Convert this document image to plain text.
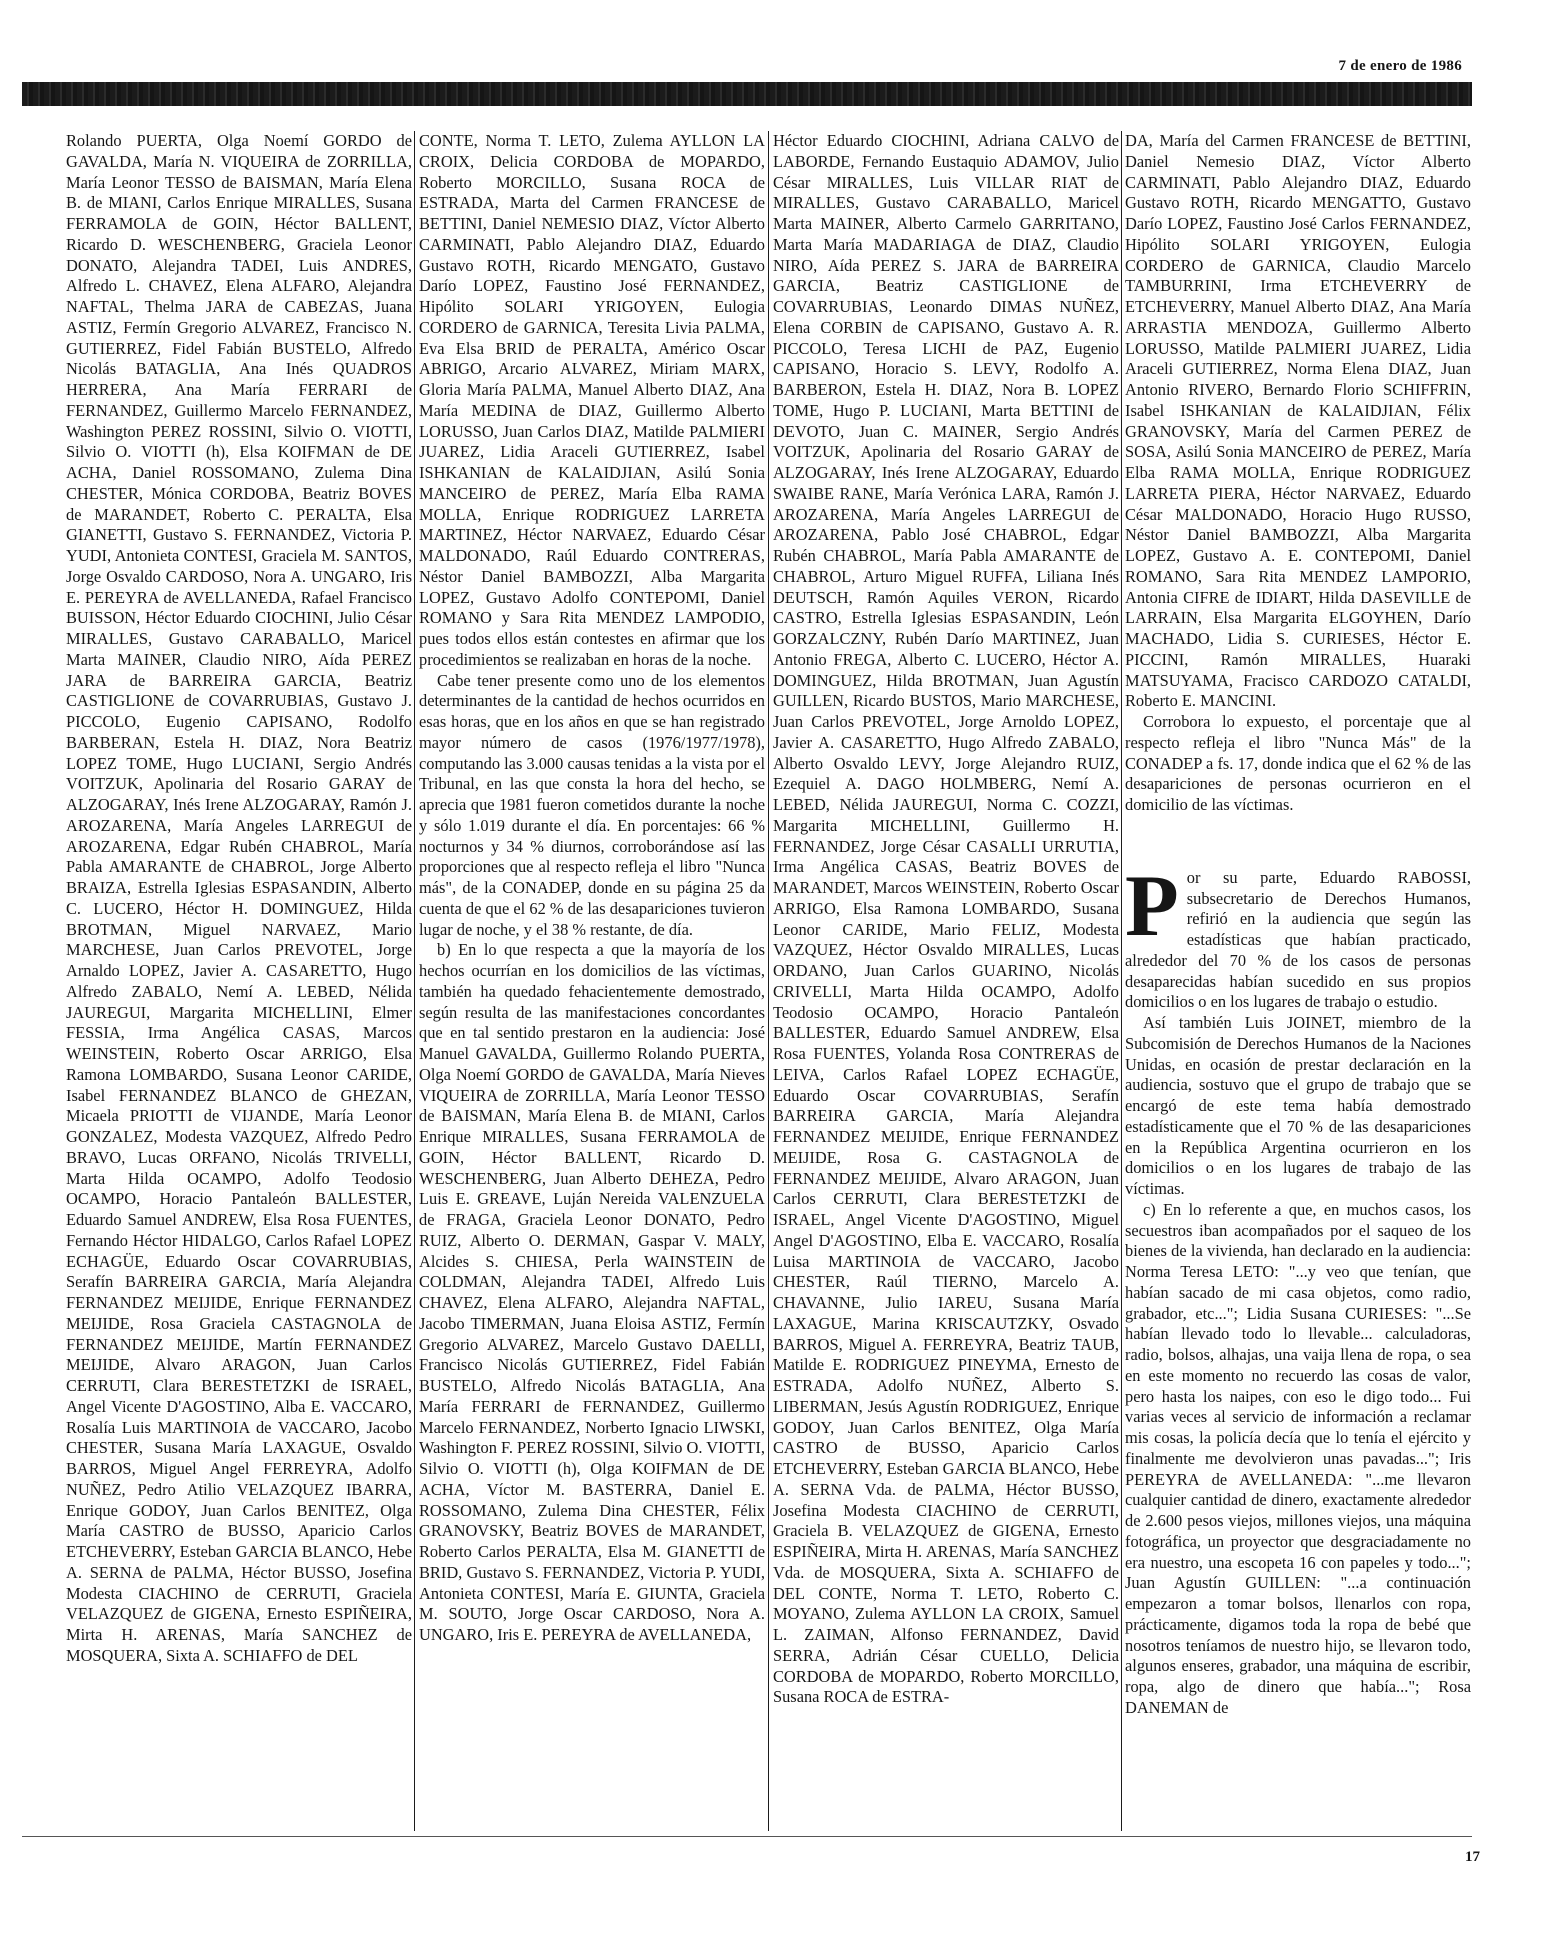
7 de enero de 1986

Rolando PUERTA, Olga Noemí GORDO de GAVALDA, María N. VIQUEIRA de ZORRILLA, María Leonor TESSO de BAISMAN, María Elena B. de MIANI, Carlos Enrique MIRALLES, Susana FERRAMOLA de GOIN, Héctor BALLENT, Ricardo D. WESCHENBERG, Graciela Leonor DONATO, Alejandra TADEI, Luis ANDRES, Alfredo L. CHAVEZ, Elena ALFARO, Alejandra NAFTAL, Thelma JARA de CABEZAS, Juana ASTIZ, Fermín Gregorio ALVAREZ, Francisco N. GUTIERREZ, Fidel Fabián BUSTELO, Alfredo Nicolás BATAGLIA, Ana Inés QUADROS HERRERA, Ana María FERRARI de FERNANDEZ, Guillermo Marcelo FERNANDEZ, Washington PEREZ ROSSINI, Silvio O. VIOTTI, Silvio O. VIOTTI (h), Elsa KOIFMAN de DE ACHA, Daniel ROSSOMANO, Zulema Dina CHESTER, Mónica CORDOBA, Beatriz BOVES de MARANDET, Roberto C. PERALTA, Elsa GIANETTI, Gustavo S. FERNANDEZ, Victoria P. YUDI, Antonieta CONTESI, Graciela M. SANTOS, Jorge Osvaldo CARDOSO, Nora A. UNGARO, Iris E. PEREYRA de AVELLANEDA, Rafael Francisco BUISSON, Héctor Eduardo CIOCHINI, Julio César MIRALLES, Gustavo CARABALLO, Maricel Marta MAINER, Claudio NIRO, Aída PEREZ JARA de BARREIRA GARCIA, Beatriz CASTIGLIONE de COVARRUBIAS, Gustavo J. PICCOLO, Eugenio CAPISANO, Rodolfo BARBERAN, Estela H. DIAZ, Nora Beatriz LOPEZ TOME, Hugo LUCIANI, Sergio Andrés VOITZUK, Apolinaria del Rosario GARAY de ALZOGARAY, Inés Irene ALZOGARAY, Ramón J. AROZARENA, María Angeles LARREGUI de AROZARENA, Edgar Rubén CHABROL, María Pabla AMARANTE de CHABROL, Jorge Alberto BRAIZA, Estrella Iglesias ESPASANDIN, Alberto C. LUCERO, Héctor H. DOMINGUEZ, Hilda BROTMAN, Miguel NARVAEZ, Mario MARCHESE, Juan Carlos PREVOTEL, Jorge Arnaldo LOPEZ, Javier A. CASARETTO, Hugo Alfredo ZABALO, Nemí A. LEBED, Nélida JAUREGUI, Margarita MICHELLINI, Elmer FESSIA, Irma Angélica CASAS, Marcos WEINSTEIN, Roberto Oscar ARRIGO, Elsa Ramona LOMBARDO, Susana Leonor CARIDE, Isabel FERNANDEZ BLANCO de GHEZAN, Micaela PRIOTTI de VIJANDE, María Leonor GONZALEZ, Modesta VAZQUEZ, Alfredo Pedro BRAVO, Lucas ORFANO, Nicolás TRIVELLI, Marta Hilda OCAMPO, Adolfo Teodosio OCAMPO, Horacio Pantaleón BALLESTER, Eduardo Samuel ANDREW, Elsa Rosa FUENTES, Fernando Héctor HIDALGO, Carlos Rafael LOPEZ ECHAGÜE, Eduardo Oscar COVARRUBIAS, Serafín BARREIRA GARCIA, María Alejandra FERNANDEZ MEIJIDE, Enrique FERNANDEZ MEIJIDE, Rosa Graciela CASTAGNOLA de FERNANDEZ MEIJIDE, Martín FERNANDEZ MEIJIDE, Alvaro ARAGON, Juan Carlos CERRUTI, Clara BERESTETZKI de ISRAEL, Angel Vicente D'AGOSTINO, Alba E. VACCARO, Rosalía Luis MARTINOIA de VACCARO, Jacobo CHESTER, Susana María LAXAGUE, Osvaldo BARROS, Miguel Angel FERREYRA, Adolfo NUÑEZ, Pedro Atilio VELAZQUEZ IBARRA, Enrique GODOY, Juan Carlos BENITEZ, Olga María CASTRO de BUSSO, Aparicio Carlos ETCHEVERRY, Esteban GARCIA BLANCO, Hebe A. SERNA de PALMA, Héctor BUSSO, Josefina Modesta CIACHINO de CERRUTI, Graciela VELAZQUEZ de GIGENA, Ernesto ESPIÑEIRA, Mirta H. ARENAS, María SANCHEZ de MOSQUERA, Sixta A. SCHIAFFO de DEL

CONTE, Norma T. LETO, Zulema AYLLON LA CROIX, Delicia CORDOBA de MOPARDO, Roberto MORCILLO, Susana ROCA de ESTRADA, Marta del Carmen FRANCESE de BETTINI, Daniel NEMESIO DIAZ, Víctor Alberto CARMINATI, Pablo Alejandro DIAZ, Eduardo Gustavo ROTH, Ricardo MENGATO, Gustavo Darío LOPEZ, Faustino José FERNANDEZ, Hipólito SOLARI YRIGOYEN, Eulogia CORDERO de GARNICA, Teresita Livia PALMA, Eva Elsa BRID de PERALTA, Américo Oscar ABRIGO, Arcario ALVAREZ, Miriam MARX, Gloria María PALMA, Manuel Alberto DIAZ, Ana María MEDINA de DIAZ, Guillermo Alberto LORUSSO, Juan Carlos DIAZ, Matilde PALMIERI JUAREZ, Lidia Araceli GUTIERREZ, Isabel ISHKANIAN de KALAIDJIAN, Asilú Sonia MANCEIRO de PEREZ, María Elba RAMA MOLLA, Enrique RODRIGUEZ LARRETA MARTINEZ, Héctor NARVAEZ, Eduardo César MALDONADO, Raúl Eduardo CONTRERAS, Néstor Daniel BAMBOZZI, Alba Margarita LOPEZ, Gustavo Adolfo CONTEPOMI, Daniel ROMANO y Sara Rita MENDEZ LAMPODIO, pues todos ellos están contestes en afirmar que los procedimientos se realizaban en horas de la noche.

Cabe tener presente como uno de los elementos determinantes de la cantidad de hechos ocurridos en esas horas, que en los años en que se han registrado mayor número de casos (1976/1977/1978), computando las 3.000 causas tenidas a la vista por el Tribunal, en las que consta la hora del hecho, se aprecia que 1981 fueron cometidos durante la noche y sólo 1.019 durante el día. En porcentajes: 66 % nocturnos y 34 % diurnos, corroborándose así las proporciones que al respecto refleja el libro "Nunca más", de la CONADEP, donde en su página 25 da cuenta de que el 62 % de las desapariciones tuvieron lugar de noche, y el 38 % restante, de día.

b) En lo que respecta a que la mayoría de los hechos ocurrían en los domicilios de las víctimas, también ha quedado fehacientemente demostrado, según resulta de las manifestaciones concordantes que en tal sentido prestaron en la audiencia: José Manuel GAVALDA, Guillermo Rolando PUERTA, Olga Noemí GORDO de GAVALDA, María Nieves VIQUEIRA de ZORRILLA, María Leonor TESSO de BAISMAN, María Elena B. de MIANI, Carlos Enrique MIRALLES, Susana FERRAMOLA de GOIN, Héctor BALLENT, Ricardo D. WESCHENBERG, Juan Alberto DEHEZA, Pedro Luis E. GREAVE, Luján Nereida VALENZUELA de FRAGA, Graciela Leonor DONATO, Pedro RUIZ, Alberto O. DERMAN, Gaspar V. MALY, Alcides S. CHIESA, Perla WAINSTEIN de COLDMAN, Alejandra TADEI, Alfredo Luis CHAVEZ, Elena ALFARO, Alejandra NAFTAL, Jacobo TIMERMAN, Juana Eloisa ASTIZ, Fermín Gregorio ALVAREZ, Marcelo Gustavo DAELLI, Francisco Nicolás GUTIERREZ, Fidel Fabián BUSTELO, Alfredo Nicolás BATAGLIA, Ana María FERRARI de FERNANDEZ, Guillermo Marcelo FERNANDEZ, Norberto Ignacio LIWSKI, Washington F. PEREZ ROSSINI, Silvio O. VIOTTI, Silvio O. VIOTTI (h), Olga KOIFMAN de DE ACHA, Víctor M. BASTERRA, Daniel E. ROSSOMANO, Zulema Dina CHESTER, Félix GRANOVSKY, Beatriz BOVES de MARANDET, Roberto Carlos PERALTA, Elsa M. GIANETTI de BRID, Gustavo S. FERNANDEZ, Victoria P. YUDI, Antonieta CONTESI, María E. GIUNTA, Graciela M. SOUTO, Jorge Oscar CARDOSO, Nora A. UNGARO, Iris E. PEREYRA de AVELLANEDA,

Héctor Eduardo CIOCHINI, Adriana CALVO de LABORDE, Fernando Eustaquio ADAMOV, Julio César MIRALLES, Luis VILLAR RIAT de MIRALLES, Gustavo CARABALLO, Maricel Marta MAINER, Alberto Carmelo GARRITANO, Marta María MADARIAGA de DIAZ, Claudio NIRO, Aída PEREZ S. JARA de BARREIRA GARCIA, Beatriz CASTIGLIONE de COVARRUBIAS, Leonardo DIMAS NUÑEZ, Elena CORBIN de CAPISANO, Gustavo A. R. PICCOLO, Teresa LICHI de PAZ, Eugenio CAPISANO, Horacio S. LEVY, Rodolfo A. BARBERON, Estela H. DIAZ, Nora B. LOPEZ TOME, Hugo P. LUCIANI, Marta BETTINI de DEVOTO, Juan C. MAINER, Sergio Andrés VOITZUK, Apolinaria del Rosario GARAY de ALZOGARAY, Inés Irene ALZOGARAY, Eduardo SWAIBE RANE, María Verónica LARA, Ramón J. AROZARENA, María Angeles LARREGUI de AROZARENA, Pablo José CHABROL, Edgar Rubén CHABROL, María Pabla AMARANTE de CHABROL, Arturo Miguel RUFFA, Liliana Inés DEUTSCH, Ramón Aquiles VERON, Ricardo CASTRO, Estrella Iglesias ESPASANDIN, León GORZALCZNY, Rubén Darío MARTINEZ, Juan Antonio FREGA, Alberto C. LUCERO, Héctor A. DOMINGUEZ, Hilda BROTMAN, Juan Agustín GUILLEN, Ricardo BUSTOS, Mario MARCHESE, Juan Carlos PREVOTEL, Jorge Arnoldo LOPEZ, Javier A. CASARETTO, Hugo Alfredo ZABALO, Alberto Osvaldo LEVY, Jorge Alejandro RUIZ, Ezequiel A. DAGO HOLMBERG, Nemí A. LEBED, Nélida JAUREGUI, Norma C. COZZI, Margarita MICHELLINI, Guillermo H. FERNANDEZ, Jorge César CASALLI URRUTIA, Irma Angélica CASAS, Beatriz BOVES de MARANDET, Marcos WEINSTEIN, Roberto Oscar ARRIGO, Elsa Ramona LOMBARDO, Susana Leonor CARIDE, Mario FELIZ, Modesta VAZQUEZ, Héctor Osvaldo MIRALLES, Lucas ORDANO, Juan Carlos GUARINO, Nicolás CRIVELLI, Marta Hilda OCAMPO, Adolfo Teodosio OCAMPO, Horacio Pantaleón BALLESTER, Eduardo Samuel ANDREW, Elsa Rosa FUENTES, Yolanda Rosa CONTRERAS de LEIVA, Carlos Rafael LOPEZ ECHAGÜE, Eduardo Oscar COVARRUBIAS, Serafín BARREIRA GARCIA, María Alejandra FERNANDEZ MEIJIDE, Enrique FERNANDEZ MEIJIDE, Rosa G. CASTAGNOLA de FERNANDEZ MEIJIDE, Alvaro ARAGON, Juan Carlos CERRUTI, Clara BERESTETZKI de ISRAEL, Angel Vicente D'AGOSTINO, Miguel Angel D'AGOSTINO, Elba E. VACCARO, Rosalía Luisa MARTINOIA de VACCARO, Jacobo CHESTER, Raúl TIERNO, Marcelo A. CHAVANNE, Julio IAREU, Susana María LAXAGUE, Marina KRISCAUTZKY, Osvado BARROS, Miguel A. FERREYRA, Beatriz TAUB, Matilde E. RODRIGUEZ PINEYMA, Ernesto de ESTRADA, Adolfo NUÑEZ, Alberto S. LIBERMAN, Jesús Agustín RODRIGUEZ, Enrique GODOY, Juan Carlos BENITEZ, Olga María CASTRO de BUSSO, Aparicio Carlos ETCHEVERRY, Esteban GARCIA BLANCO, Hebe A. SERNA Vda. de PALMA, Héctor BUSSO, Josefina Modesta CIACHINO de CERRUTI, Graciela B. VELAZQUEZ de GIGENA, Ernesto ESPIÑEIRA, Mirta H. ARENAS, María SANCHEZ Vda. de MOSQUERA, Sixta A. SCHIAFFO de DEL CONTE, Norma T. LETO, Roberto C. MOYANO, Zulema AYLLON LA CROIX, Samuel L. ZAIMAN, Alfonso FERNANDEZ, David SERRA, Adrián César CUELLO, Delicia CORDOBA de MOPARDO, Roberto MORCILLO, Susana ROCA de ESTRA-

DA, María del Carmen FRANCESE de BETTINI, Daniel Nemesio DIAZ, Víctor Alberto CARMINATI, Pablo Alejandro DIAZ, Eduardo Gustavo ROTH, Ricardo MENGATTO, Gustavo Darío LOPEZ, Faustino José Carlos FERNANDEZ, Hipólito SOLARI YRIGOYEN, Eulogia CORDERO de GARNICA, Claudio Marcelo TAMBURRINI, Irma ETCHEVERRY de ETCHEVERRY, Manuel Alberto DIAZ, Ana María ARRASTIA MENDOZA, Guillermo Alberto LORUSSO, Matilde PALMIERI JUAREZ, Lidia Araceli GUTIERREZ, Norma Elena DIAZ, Juan Antonio RIVERO, Bernardo Florio SCHIFFRIN, Isabel ISHKANIAN de KALAIDJIAN, Félix GRANOVSKY, María del Carmen PEREZ de SOSA, Asilú Sonia MANCEIRO de PEREZ, María Elba RAMA MOLLA, Enrique RODRIGUEZ LARRETA PIERA, Héctor NARVAEZ, Eduardo César MALDONADO, Horacio Hugo RUSSO, Néstor Daniel BAMBOZZI, Alba Margarita LOPEZ, Gustavo A. E. CONTEPOMI, Daniel ROMANO, Sara Rita MENDEZ LAMPORIO, Antonia CIFRE de IDIART, Hilda DASEVILLE de LARRAIN, Elsa Margarita ELGOYHEN, Darío MACHADO, Lidia S. CURIESES, Héctor E. PICCINI, Ramón MIRALLES, Huaraki MATSUYAMA, Fracisco CARDOZO CATALDI, Roberto E. MANCINI.

Corrobora lo expuesto, el porcentaje que al respecto refleja el libro "Nunca Más" de la CONADEP a fs. 17, donde indica que el 62 % de las desapariciones de personas ocurrieron en el domicilio de las víctimas.

Por su parte, Eduardo RABOSSI, subsecretario de Derechos Humanos, refirió en la audiencia que según las estadísticas que habían practicado, alrededor del 70 % de los casos de personas desaparecidas habían sucedido en sus propios domicilios o en los lugares de trabajo o estudio.

Así también Luis JOINET, miembro de la Subcomisión de Derechos Humanos de la Naciones Unidas, en ocasión de prestar declaración en la audiencia, sostuvo que el grupo de trabajo que se encargó de este tema había demostrado estadísticamente que el 70 % de las desapariciones en la República Argentina ocurrieron en los domicilios o en los lugares de trabajo de las víctimas.

c) En lo referente a que, en muchos casos, los secuestros iban acompañados por el saqueo de los bienes de la vivienda, han declarado en la audiencia: Norma Teresa LETO: "...y veo que tenían, que habían sacado de mi casa objetos, como radio, grabador, etc..."; Lidia Susana CURIESES: "...Se habían llevado todo lo llevable... calculadoras, radio, bolsos, alhajas, una vaija llena de ropa, o sea en este momento no recuerdo las cosas de valor, pero hasta los naipes, con eso le digo todo... Fui varias veces al servicio de información a reclamar mis cosas, la policía decía que lo tenía el ejército y finalmente me devolvieron unas pavadas..."; Iris PEREYRA de AVELLANEDA: "...me llevaron cualquier cantidad de dinero, exactamente alrededor de 2.600 pesos viejos, millones viejos, una máquina fotográfica, un proyector que desgraciadamente no era nuestro, una escopeta 16 con papeles y todo..."; Juan Agustín GUILLEN: "...a continuación empezaron a tomar bolsos, llenarlos con ropa, prácticamente, digamos toda la ropa de bebé que nosotros teníamos de nuestro hijo, se llevaron todo, algunos enseres, grabador, una máquina de escribir, ropa, algo de dinero que había..."; Rosa DANEMAN de

17
